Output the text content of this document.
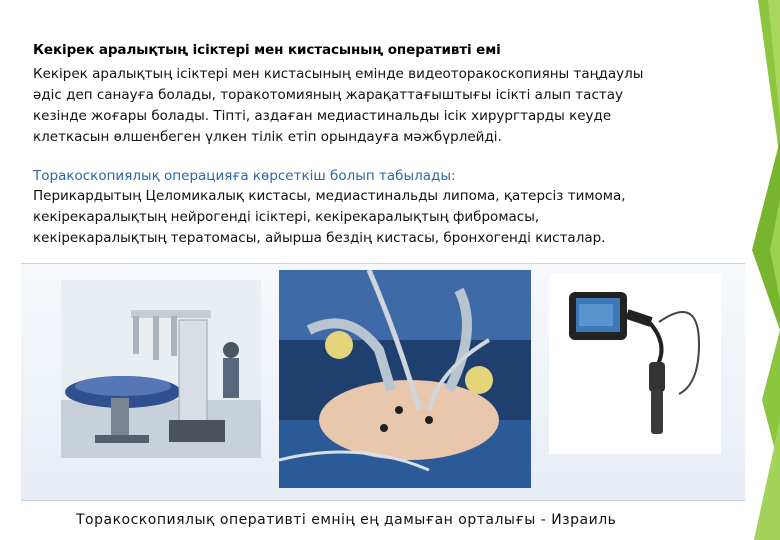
Кекірек аралықтың ісіктері мен кистасының оперативті емі

Кекірек аралықтың ісіктері мен кистасының емінде видеоторакоскопияны таңдаулы
әдіс деп санауға болады, торакотомияның жарақаттағыштығы ісікті алып тастау
кезінде жоғары болады. Тіпті, аздаған медиастинальды ісік хирургтарды кеуде
клеткасын өлшенбеген үлкен тілік етіп орындауға мәжбүрлейді.

Торакоскопиялық операцияға көрсеткіш болып табылады:

Перикардытың Целомикалық кистасы, медиастинальды липома, қатерсіз тимома,
кекірекаралықтың нейрогенді ісіктері, кекірекаралықтың фибромасы,
кекірекаралықтың тератомасы, айырша бездің кистасы, бронхогенді кисталар.

Торакоскопиялық оперативті емнің ең дамыған орталығы - Израиль
